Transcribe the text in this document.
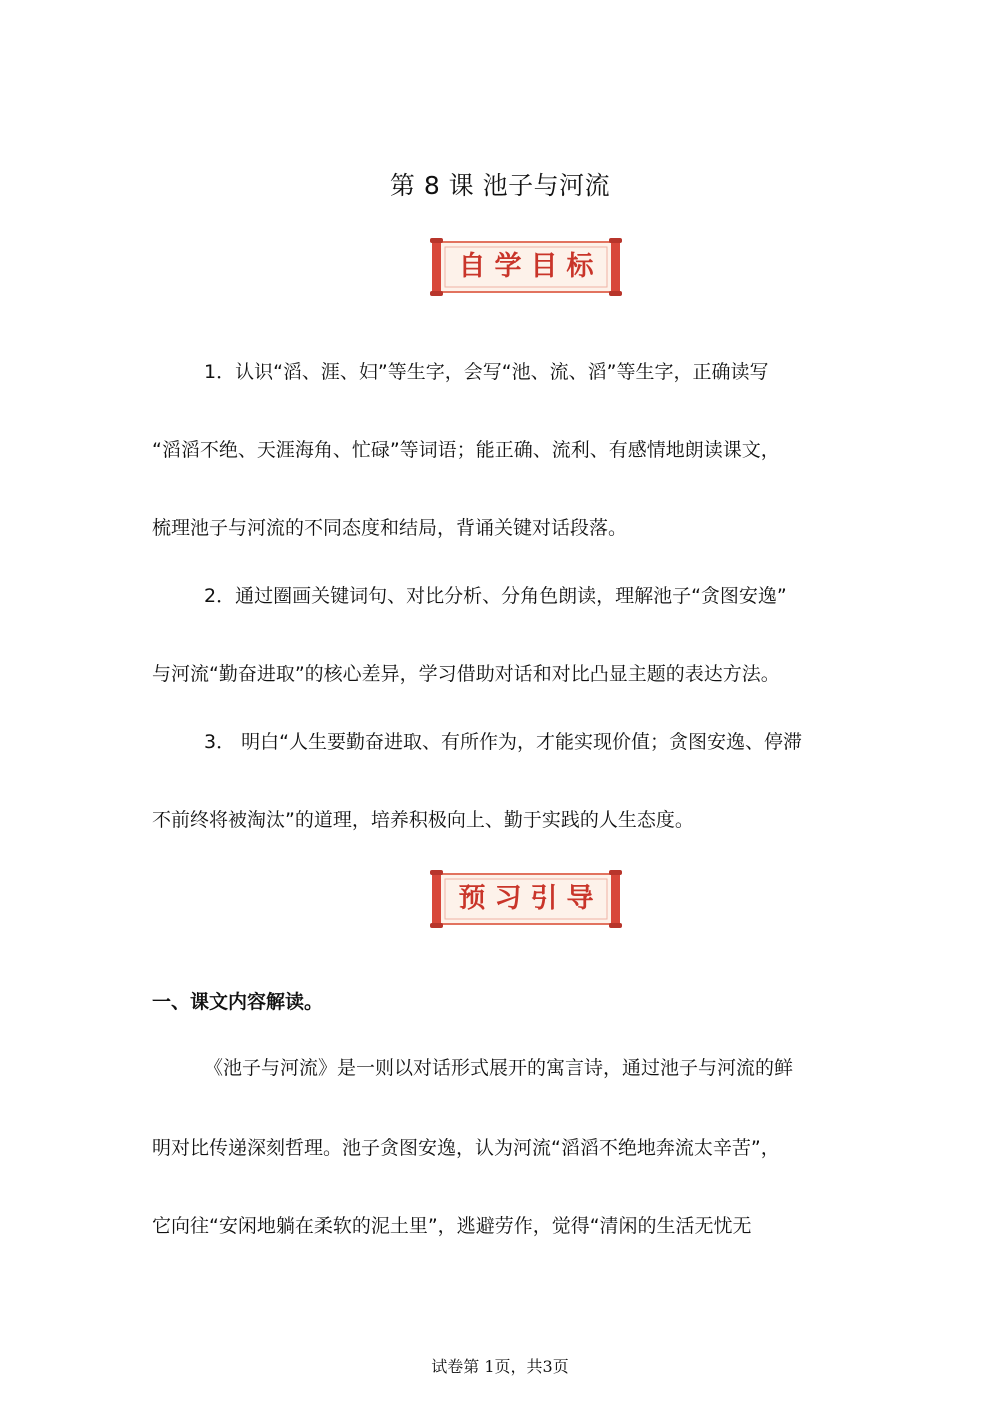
第 8 课 池子与河流
自学目标
1．认识“滔、涯、妇”等生字，会写“池、流、滔”等生字，正确读写
“滔滔不绝、天涯海角、忙碌”等词语；能正确、流利、有感情地朗读课文，
梳理池子与河流的不同态度和结局，背诵关键对话段落。
2．通过圈画关键词句、对比分析、分角色朗读，理解池子“贪图安逸”
与河流“勤奋进取”的核心差异，学习借助对话和对比凸显主题的表达方法。
3． 明白“人生要勤奋进取、有所作为，才能实现价值；贪图安逸、停滞
不前终将被淘汰”的道理，培养积极向上、勤于实践的人生态度。
预习引导
一、课文内容解读。
《池子与河流》是一则以对话形式展开的寓言诗，通过池子与河流的鲜
明对比传递深刻哲理。池子贪图安逸，认为河流“滔滔不绝地奔流太辛苦”，
它向往“安闲地躺在柔软的泥土里”，逃避劳作，觉得“清闲的生活无忧无
试卷第 1页，共3页
